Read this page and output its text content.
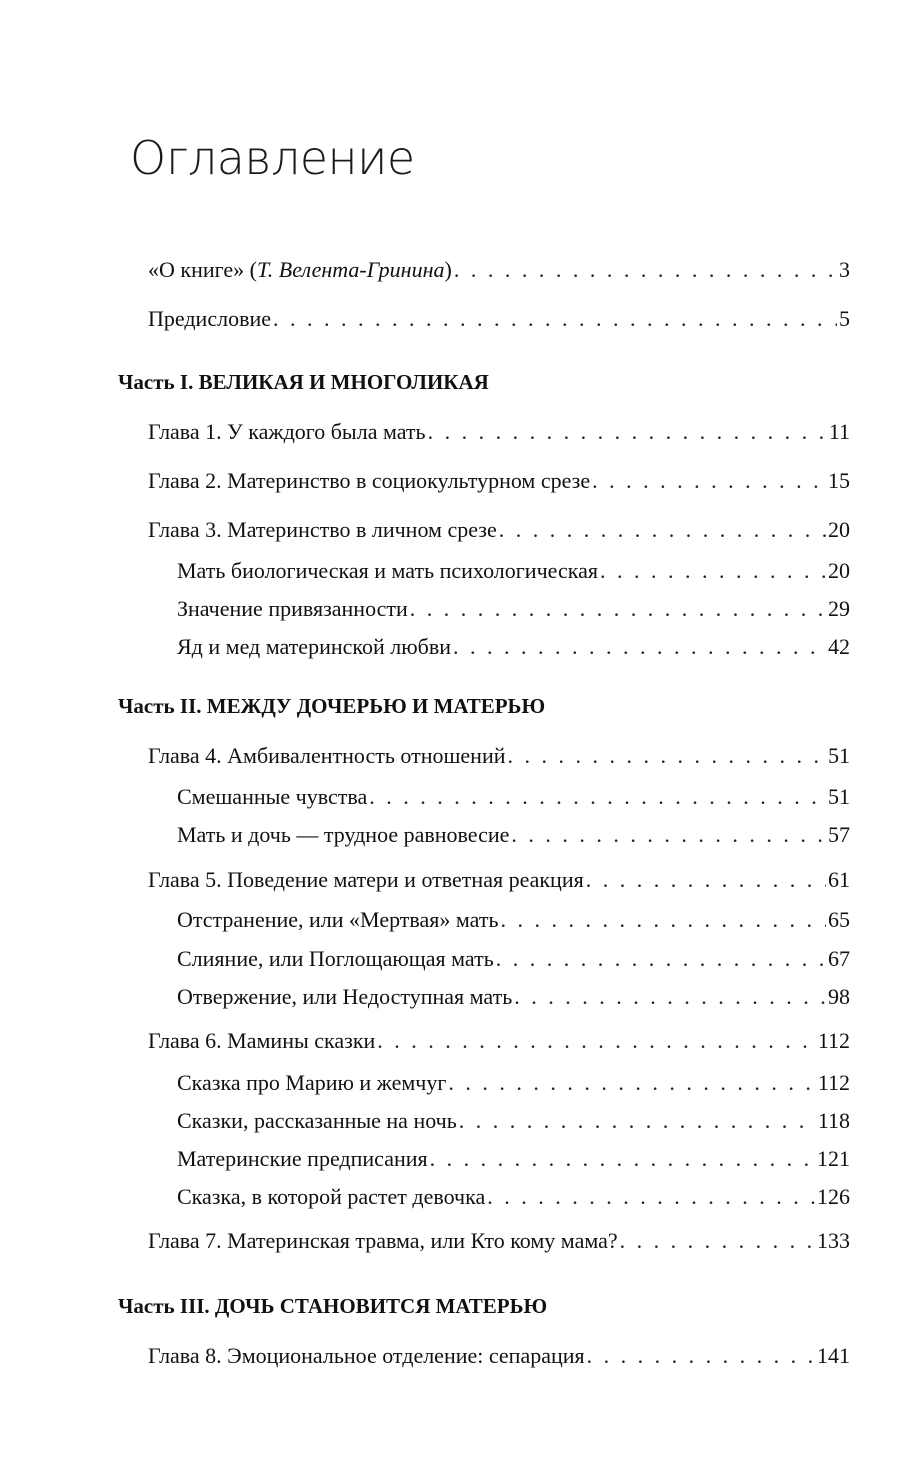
Оглавление
«О книге» (Т. Велента-Гринина) . . .	3
Предисловие . . .	5
Часть I. ВЕЛИКАЯ И МНОГОЛИКАЯ
Глава 1. У каждого была мать . . .	11
Глава 2. Материнство в социокультурном срезе . . .	15
Глава 3. Материнство в личном срезе . . .	20
Мать биологическая и мать психологическая . . .	20
Значение привязанности . . .	29
Яд и мед материнской любви . . .	42
Часть II. МЕЖДУ ДОЧЕРЬЮ И МАТЕРЬЮ
Глава 4. Амбивалентность отношений . . .	51
Смешанные чувства . . .	51
Мать и дочь — трудное равновесие . . .	57
Глава 5. Поведение матери и ответная реакция . . .	61
Отстранение, или «Мертвая» мать . . .	65
Слияние, или Поглощающая мать . . .	67
Отвержение, или Недоступная мать . . .	98
Глава 6. Мамины сказки . . .	112
Сказка про Марию и жемчуг . . .	112
Сказки, рассказанные на ночь . . .	118
Материнские предписания . . .	121
Сказка, в которой растет девочка . . .	126
Глава 7. Материнская травма, или Кто кому мама? . . .	133
Часть III. ДОЧЬ СТАНОВИТСЯ МАТЕРЬЮ
Глава 8. Эмоциональное отделение: сепарация . . .	141
